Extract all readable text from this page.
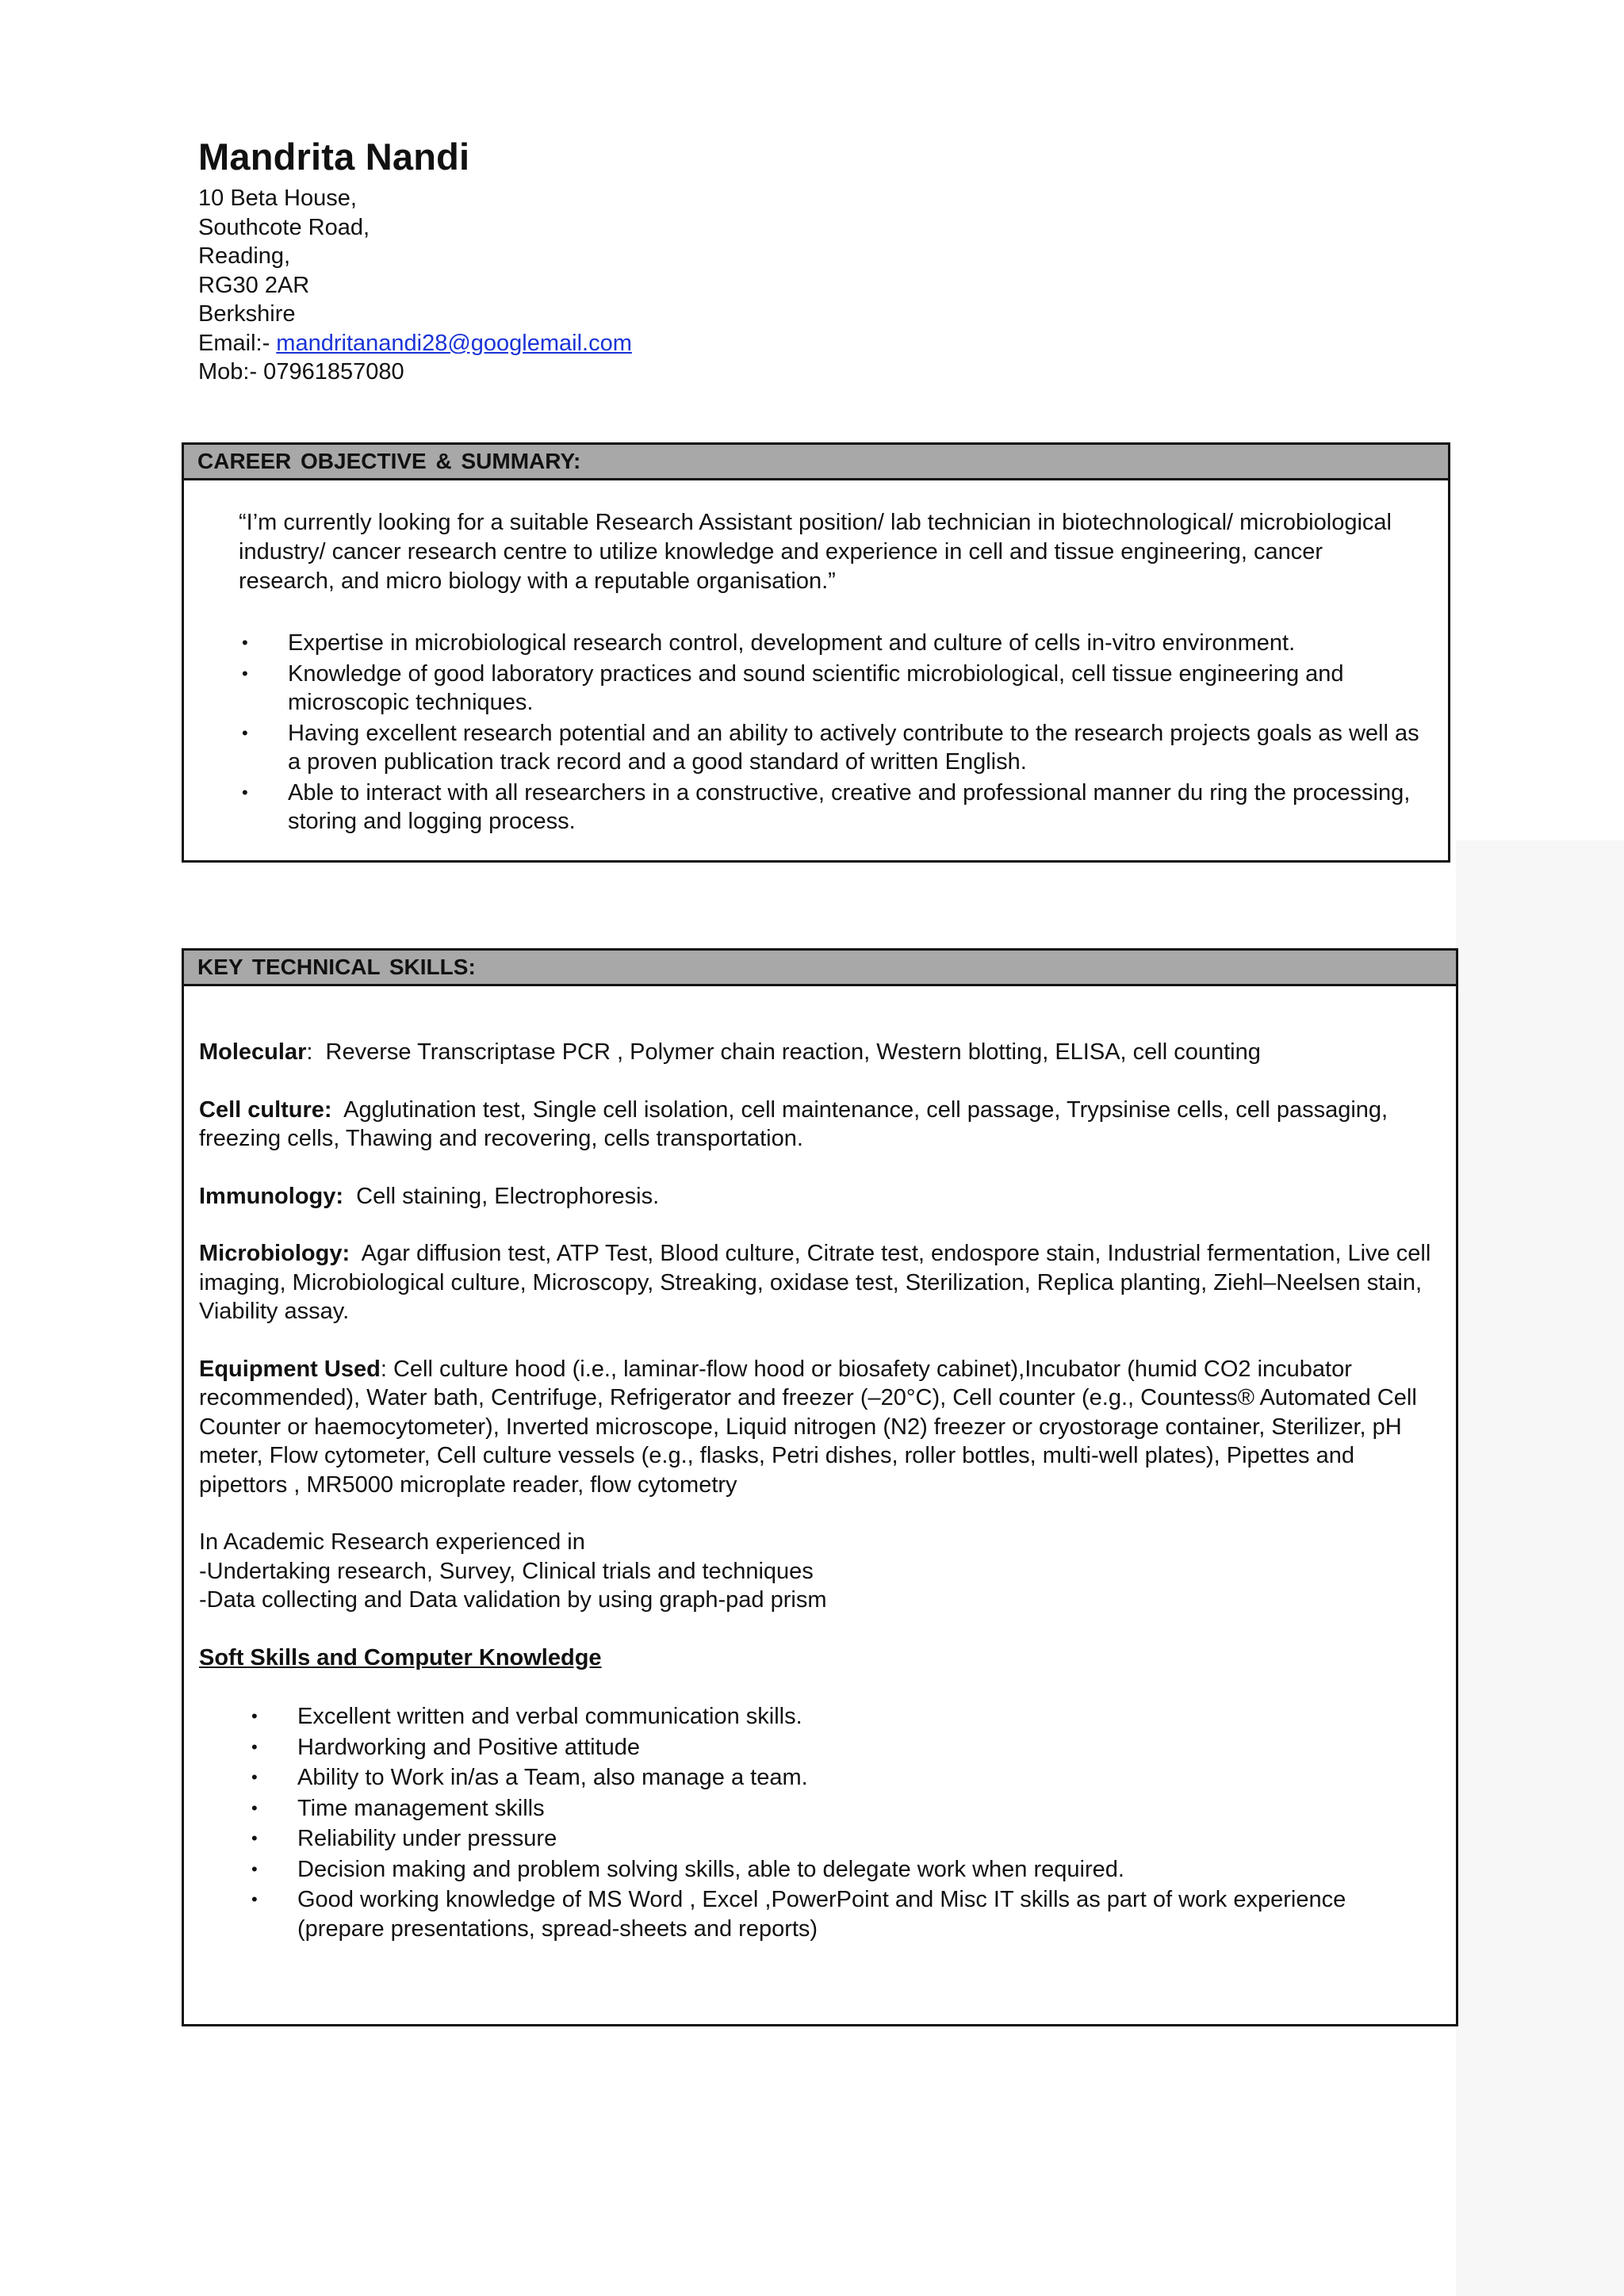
Mandrita Nandi

10 Beta House,

Southcote Road,

Reading,

RG30 2AR

Berkshire

Email:- mandritanandi28@googlemail.com

Mob:- 07961857080

CAREER OBJECTIVE & SUMMARY:

“I’m currently looking for a suitable Research Assistant position/ lab technician in biotechnological/ microbiological industry/ cancer research centre to utilize knowledge and experience in cell and tissue engineering, cancer research, and micro biology with a reputable organisation.”

• Expertise in microbiological research control, development and culture of cells in-vitro environment.
• Knowledge of good laboratory practices and sound scientific microbiological, cell tissue engineering and microscopic techniques.
• Having excellent research potential and an ability to actively contribute to the research projects goals as well as a proven publication track record and a good standard of written English.
• Able to interact with all researchers in a constructive, creative and professional manner du ring the processing, storing and logging process.
KEY TECHNICAL SKILLS:

Molecular:  Reverse Transcriptase PCR , Polymer chain reaction, Western blotting, ELISA, cell counting

Cell culture: Agglutination test, Single cell isolation, cell maintenance, cell passage, Trypsinise cells, cell passaging, freezing cells, Thawing and recovering, cells transportation.

Immunology: Cell staining, Electrophoresis.

Microbiology: Agar diffusion test, ATP Test, Blood culture, Citrate test, endospore stain, Industrial fermentation, Live cell imaging, Microbiological culture, Microscopy, Streaking, oxidase test, Sterilization, Replica planting, Ziehl–Neelsen stain, Viability assay.

Equipment Used: Cell culture hood (i.e., laminar-flow hood or biosafety cabinet),Incubator (humid CO2 incubator recommended), Water bath, Centrifuge, Refrigerator and freezer (–20°C), Cell counter (e.g., Countess® Automated Cell Counter or haemocytometer), Inverted microscope, Liquid nitrogen (N2) freezer or cryostorage container, Sterilizer, pH meter, Flow cytometer, Cell culture vessels (e.g., flasks, Petri dishes, roller bottles, multi-well plates), Pipettes and pipettors , MR5000 microplate reader, flow cytometry

In Academic Research experienced in
-Undertaking research, Survey, Clinical trials and techniques
-Data collecting and Data validation by using graph-pad prism

Soft Skills and Computer Knowledge

• Excellent written and verbal communication skills.
• Hardworking and Positive attitude
• Ability to Work in/as a Team, also manage a team.
• Time management skills
• Reliability under pressure
• Decision making and problem solving skills, able to delegate work when required.
• Good working knowledge of MS Word , Excel ,PowerPoint and Misc IT skills as part of work experience (prepare presentations, spread-sheets and reports)
